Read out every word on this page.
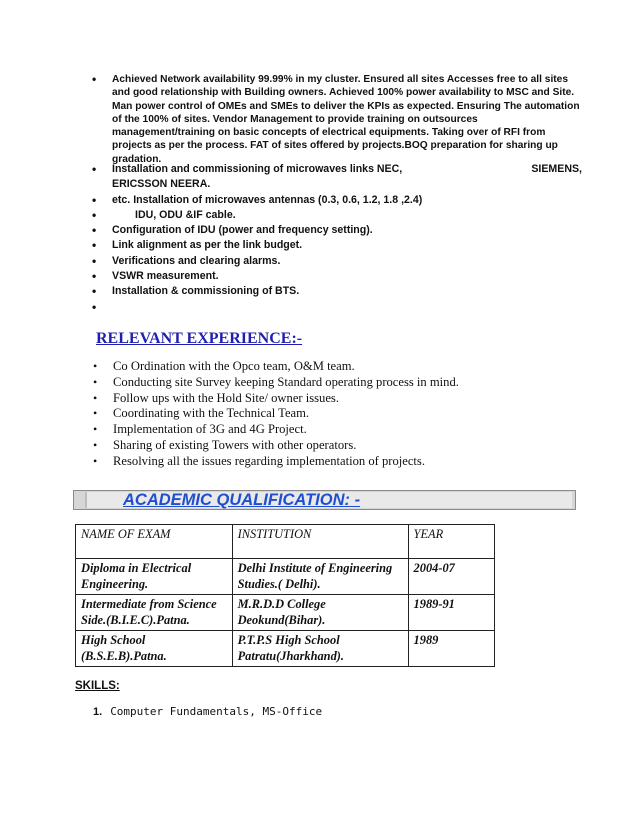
• Achieved Network availability 99.99% in my cluster. Ensured all sites Accesses free to all sites and good relationship with Building owners. Achieved 100% power availability to MSC and Site. Man power control of OMEs and SMEs to deliver the KPIs as expected. Ensuring The automation of the 100% of sites. Vendor Management to provide training on outsources management/training on basic concepts of electrical equipments. Taking over of RFI from projects as per the process. FAT of sites offered by projects.BOQ preparation for sharing up gradation.
• Installation and commissioning of microwaves links NEC,	SIEMENS,

ERICSSON NEERA.
• etc. Installation of microwaves antennas (0.3, 0.6, 1.2, 1.8 ,2.4)
•	IDU, ODU &IF cable.
• Configuration of IDU (power and frequency setting).
• Link alignment as per the link budget.
• Verifications and clearing alarms.
• VSWR measurement.
• Installation & commissioning of BTS.
•

RELEVANT EXPERIENCE:-
• Co Ordination with the Opco team, O&M team.
• Conducting site Survey keeping Standard operating process in mind.
• Follow ups with the Hold Site/ owner issues.
• Coordinating with the Technical Team.
• Implementation of 3G and 4G Project.
• Sharing of existing Towers with other operators.
• Resolving all the issues regarding implementation of projects.
ACADEMIC QUALIFICATION: -
NAME OF EXAM	INSTITUTION	YEAR
Diploma in Electrical Engineering.	Delhi Institute of Engineering Studies.( Delhi).	2004-07
Intermediate from Science Side.(B.I.E.C).Patna.	M.R.D.D College Deokund(Bihar).	1989-91
High School (B.S.E.B).Patna.	P.T.P.S High School Patratu(Jharkhand).	1989
SKILLS:
1. Computer Fundamentals, MS-Office
